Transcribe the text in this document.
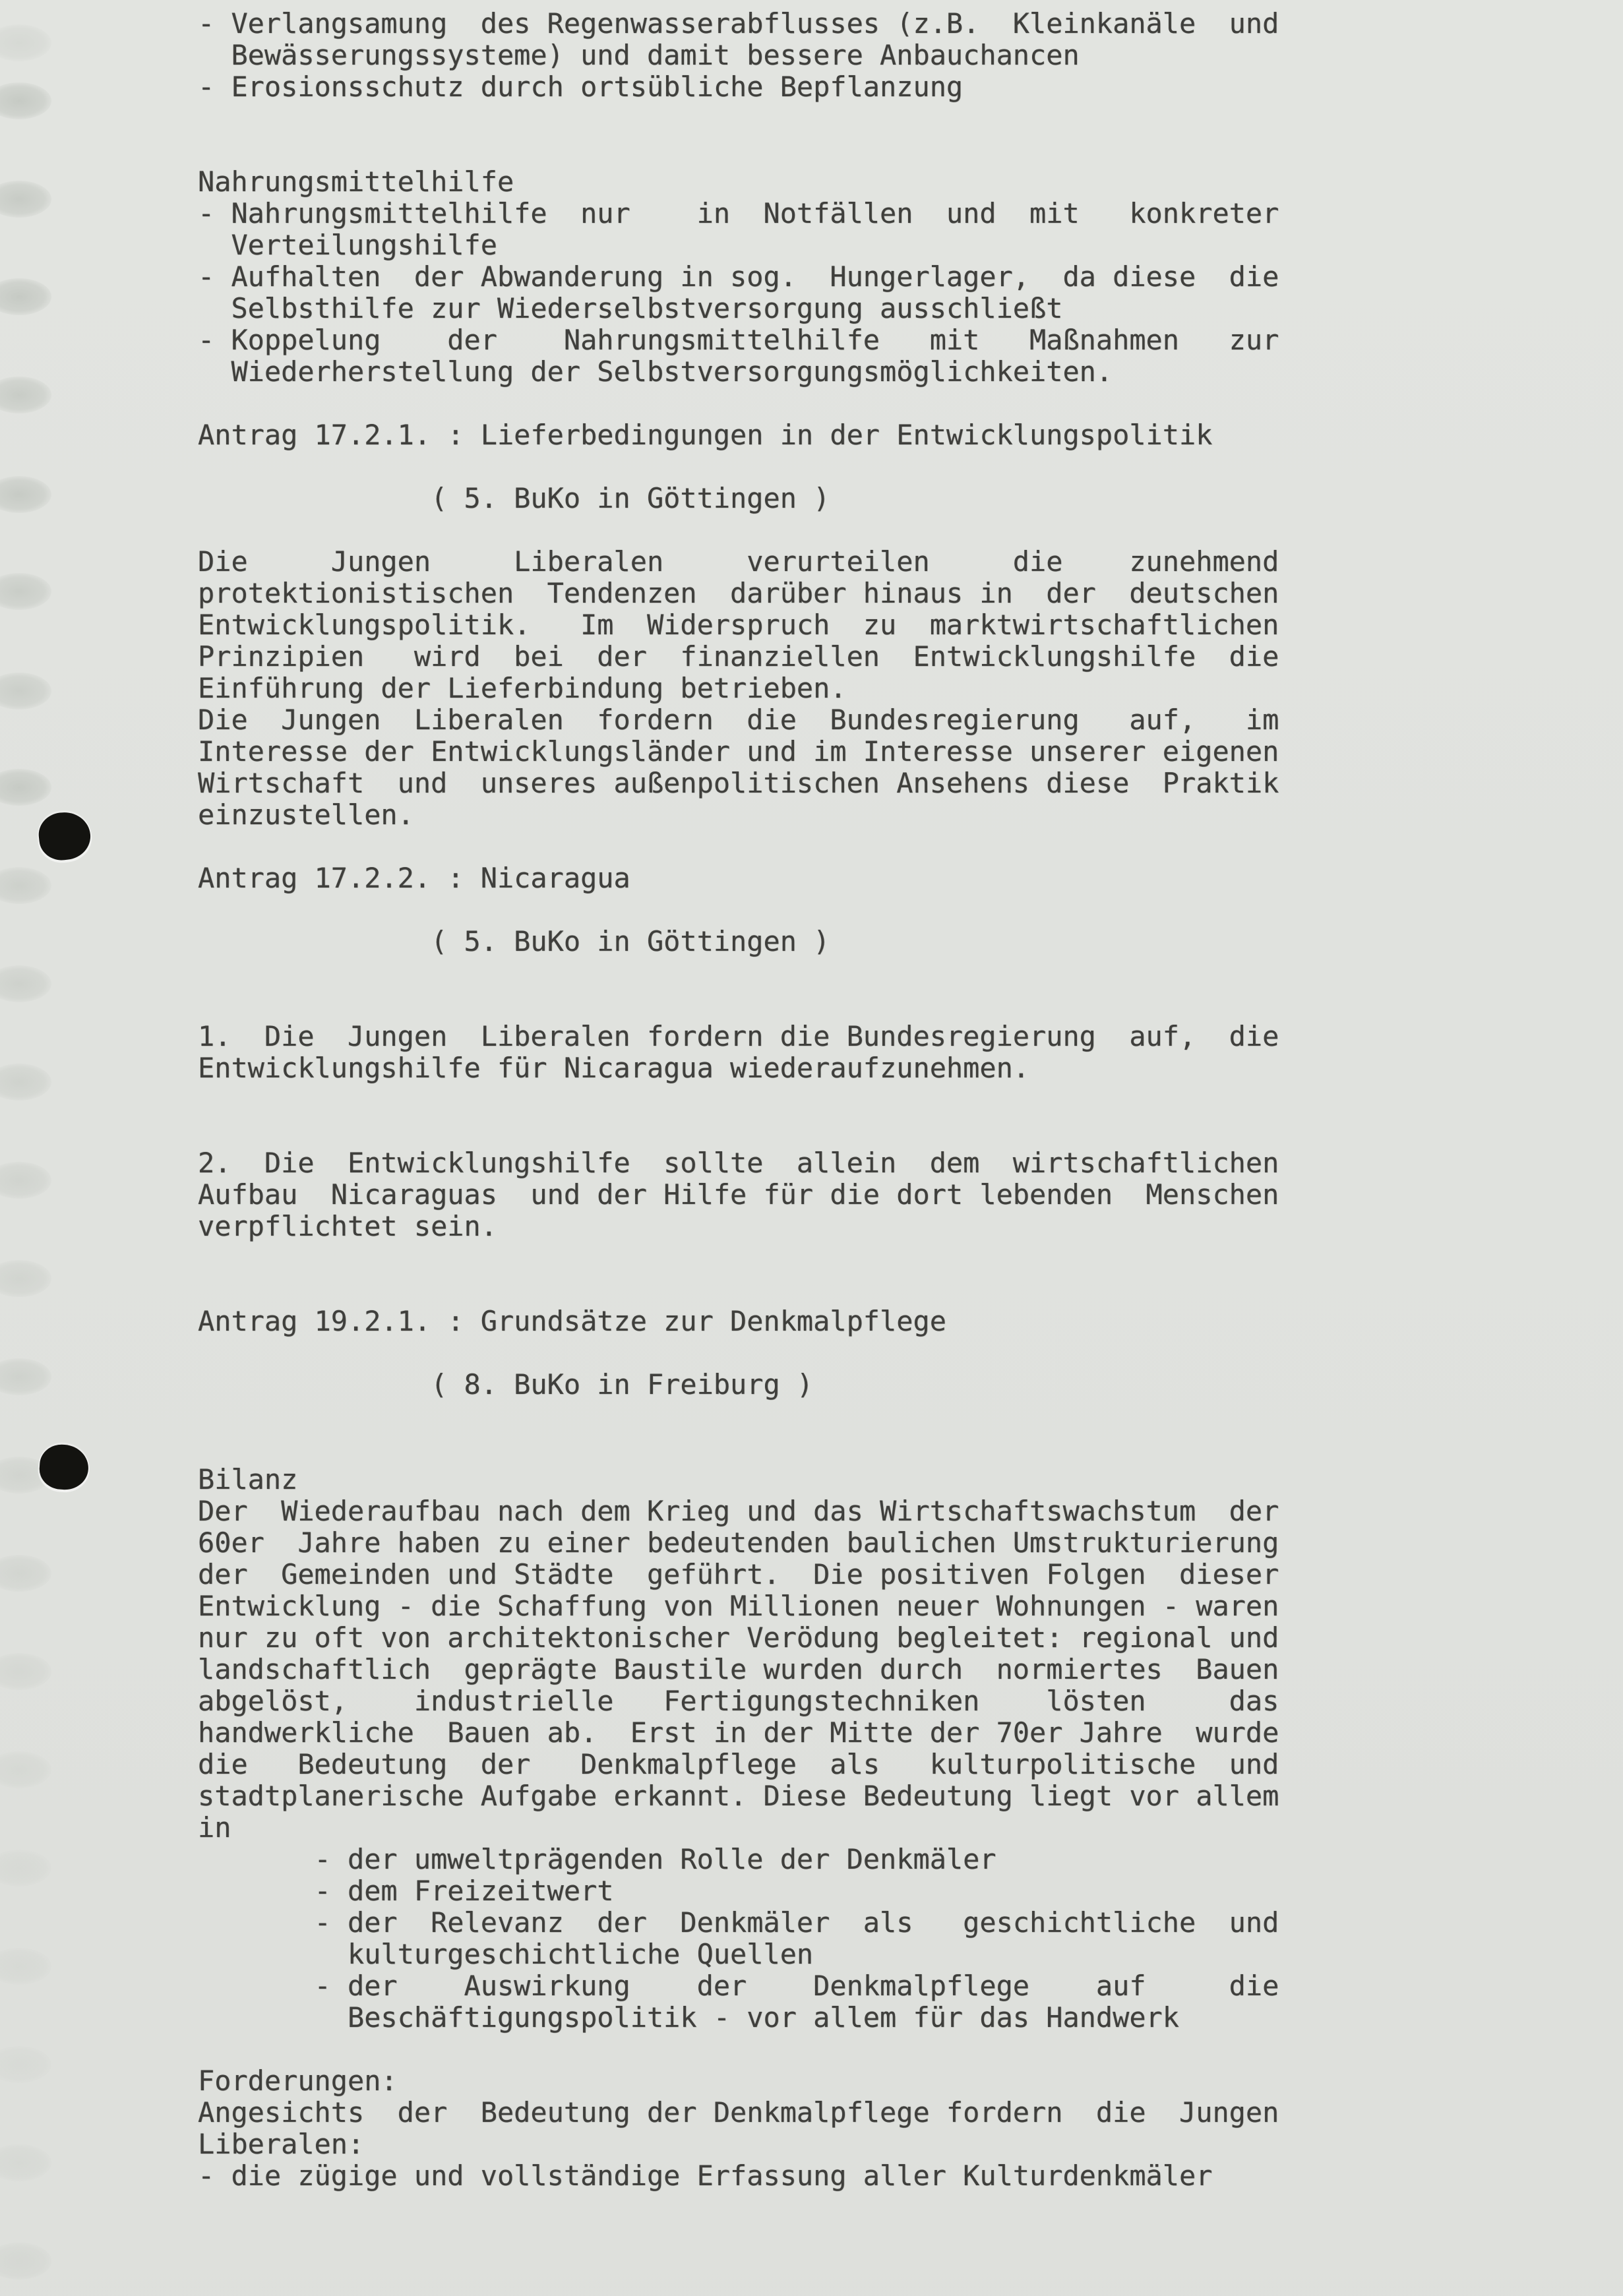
- Verlangsamung  des Regenwasserabflusses (z.B.  Kleinkanäle  und
Bewässerungssysteme) und damit bessere Anbauchancen
- Erosionsschutz durch ortsübliche Bepflanzung

Nahrungsmittelhilfe
- Nahrungsmittelhilfe  nur    in  Notfällen  und  mit   konkreter
Verteilungshilfe
- Aufhalten  der Abwanderung in sog.  Hungerlager,  da diese  die
Selbsthilfe zur Wiederselbstversorgung ausschließt
- Koppelung    der    Nahrungsmittelhilfe   mit   Maßnahmen   zur
Wiederherstellung der Selbstversorgungsmöglichkeiten.

Antrag 17.2.1. : Lieferbedingungen in der Entwicklungspolitik

( 5. BuKo in Göttingen )

Die     Jungen     Liberalen     verurteilen     die    zunehmend
protektionistischen  Tendenzen  darüber hinaus in  der  deutschen
Entwicklungspolitik.   Im  Widerspruch  zu  marktwirtschaftlichen
Prinzipien   wird  bei  der  finanziellen  Entwicklungshilfe  die
Einführung der Lieferbindung betrieben.
Die  Jungen  Liberalen  fordern  die  Bundesregierung   auf,   im
Interesse der Entwicklungsländer und im Interesse unserer eigenen
Wirtschaft  und  unseres außenpolitischen Ansehens diese  Praktik
einzustellen.

Antrag 17.2.2. : Nicaragua

( 5. BuKo in Göttingen )

1.  Die  Jungen  Liberalen fordern die Bundesregierung  auf,  die
Entwicklungshilfe für Nicaragua wiederaufzunehmen.

2.  Die  Entwicklungshilfe  sollte  allein  dem  wirtschaftlichen
Aufbau  Nicaraguas  und der Hilfe für die dort lebenden  Menschen
verpflichtet sein.

Antrag 19.2.1. : Grundsätze zur Denkmalpflege

( 8. BuKo in Freiburg )

Bilanz
Der  Wiederaufbau nach dem Krieg und das Wirtschaftswachstum  der
60er  Jahre haben zu einer bedeutenden baulichen Umstrukturierung
der  Gemeinden und Städte  geführt.  Die positiven Folgen  dieser
Entwicklung - die Schaffung von Millionen neuer Wohnungen - waren
nur zu oft von architektonischer Verödung begleitet: regional und
landschaftlich  geprägte Baustile wurden durch  normiertes  Bauen
abgelöst,    industrielle   Fertigungstechniken    lösten     das
handwerkliche  Bauen ab.  Erst in der Mitte der 70er Jahre  wurde
die   Bedeutung  der   Denkmalpflege  als   kulturpolitische  und
stadtplanerische Aufgabe erkannt. Diese Bedeutung liegt vor allem
in
- der umweltprägenden Rolle der Denkmäler
- dem Freizeitwert
- der  Relevanz  der  Denkmäler  als   geschichtliche  und
kulturgeschichtliche Quellen
- der    Auswirkung    der    Denkmalpflege    auf     die
Beschäftigungspolitik - vor allem für das Handwerk

Forderungen:
Angesichts  der  Bedeutung der Denkmalpflege fordern  die  Jungen
Liberalen:
- die zügige und vollständige Erfassung aller Kulturdenkmäler
